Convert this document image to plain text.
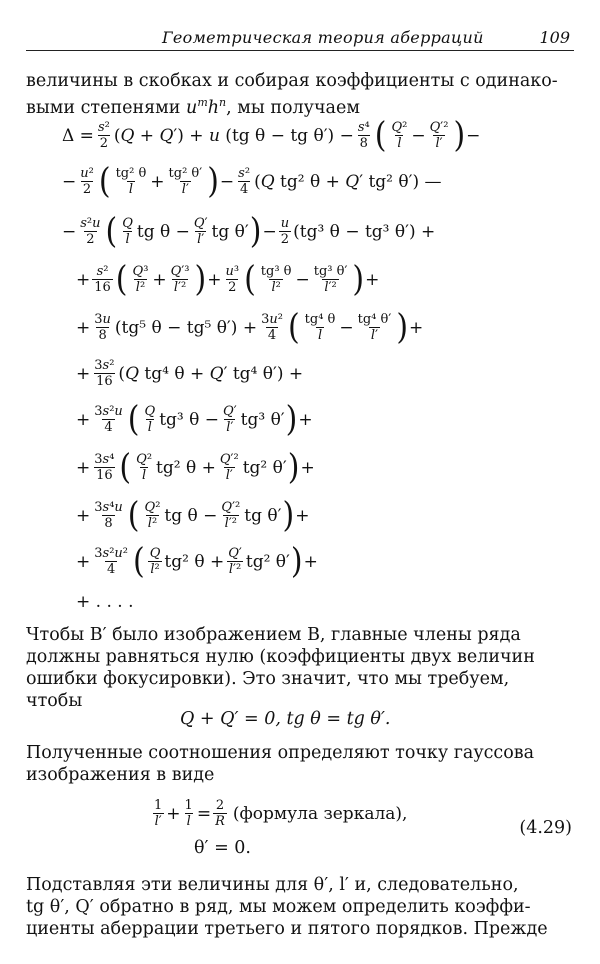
Геометрическая теория аберраций	109

величины в скобках и собирая коэффициенты с одинако-

выми степенями $u^mh^n$, мы получаем

$\Delta = \frac{\text{s²}}{2} (Q + Q') + u$ (tg θ − tg $\theta') - \frac{\text{s⁴}}{8}$ ( $\frac{\text{Q²}}{l} - \frac{\text{Q′²}}{l'}$ ) −
− $\frac{\text{u²}}{2}$ ( $\frac{\text{tg² θ}}{l} + \frac{\text{tg² θ′}}{l'}$ ) − $\frac{\text{s²}}{4} (Q$ tg² θ + Q′ tg² θ′) —
− $\frac{\text{s²u}}{2}$ ( $\frac{Q}{l}$ tg $\theta - \frac{Q'}{l'}$ tg θ′ ) − $\frac{u}{2} (tg^3$ θ − tg³ θ′) +
+ $\frac{\text{s²}}{16}$ ( $\frac{\text{Q³}}{\text{l²}} + \frac{\text{Q′³}}{\text{l′²}}$ ) + $\frac{\text{u³}}{2}$ ( $\frac{\text{tg³ θ}}{\text{l²}} - \frac{\text{tg³ θ′}}{\text{l′²}}$ ) +
+ $\frac{3u}{8} (tg^5$ θ − tg⁵ $\theta') + \frac{\text{3u²}}{4}$ ( $\frac{\text{tg⁴ θ}}{l} - \frac{\text{tg⁴ θ′}}{l'}$ ) +
+ $\frac{\text{3s²}}{16} (Q$ tg⁴ θ + Q′ tg⁴ θ′) +
+ $\frac{\text{3s²u}}{4}$ ( $\frac{Q}{l} tg^3$ $\theta - \frac{Q'}{l'} tg^3$ θ′ ) +
+ $\frac{\text{3s⁴}}{16}$ ( $\frac{\text{Q²}}{l} tg^2$ $\theta + \frac{\text{Q′²}}{l'} tg^2$ θ′ ) +
+ $\frac{\text{3s⁴u}}{8}$ ( $\frac{\text{Q²}}{\text{l²}}$ tg $\theta - \frac{\text{Q′²}}{\text{l′²}}$ tg θ′ ) +
+ $\frac{\text{3s²u²}}{4}$ ( $\frac{Q}{\text{l²}} tg^2$ $\theta + \frac{Q'}{\text{l′²}} tg^2$ θ′ ) +
+ . . . .

Чтобы B′ было изображением B, главные члены ряда

должны равняться нулю (коэффициенты двух величин

ошибки фокусировки). Это значит, что мы требуем,

чтобы

Q + Q′ = 0, tg θ = tg θ′.

Полученные соотношения определяют точку гауссова

изображения в виде

$\frac{1}{l'} + \frac{1}{l} = \frac{2}{R}$ (формула зеркала),
θ′ = 0.
(4.29)

Подставляя эти величины для θ′, l′ и, следовательно,

tg θ′, Q′ обратно в ряд, мы можем определить коэффи-

циенты аберрации третьего и пятого порядков. Прежде
